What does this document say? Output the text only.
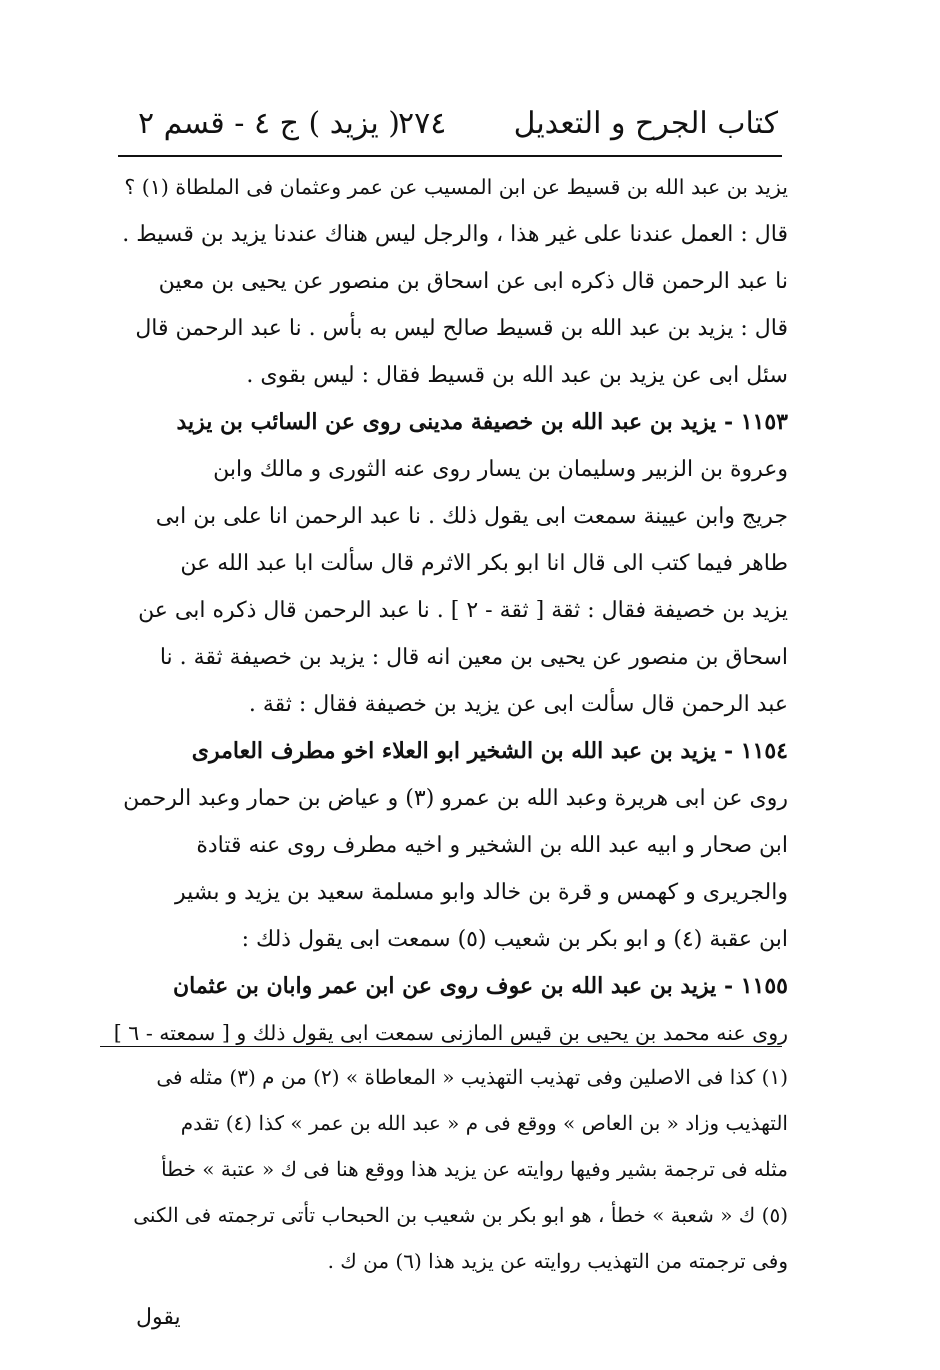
كتاب الجرح و التعديل
٢٧٤
( يزيد ) ج ٤ - قسم ٢
يزيد بن عبد الله بن قسيط عن ابن المسيب عن عمر وعثمان فى الملطاة (١) ؟
قال : العمل عندنا على غير هذا ، والرجل ليس هناك عندنا يزيد بن قسيط .
نا عبد الرحمن قال ذكره ابى عن اسحاق بن منصور عن يحيى بن معين
قال : يزيد بن عبد الله بن قسيط صالح ليس به بأس . نا عبد الرحمن قال
سئل ابى عن يزيد بن عبد الله بن قسيط فقال : ليس بقوى .
١١٥٣ - يزيد بن عبد الله بن خصيفة مدينى روى عن السائب بن يزيد
وعروة بن الزبير وسليمان بن يسار روى عنه الثورى و مالك وابن
جريج وابن عيينة سمعت ابى يقول ذلك . نا عبد الرحمن انا على بن ابى
طاهر فيما كتب الى قال انا ابو بكر الاثرم قال سألت ابا عبد الله عن
يزيد بن خصيفة فقال : ثقة [ ثقة - ٢ ] . نا عبد الرحمن قال ذكره ابى عن
اسحاق بن منصور عن يحيى بن معين انه قال : يزيد بن خصيفة ثقة . نا
عبد الرحمن قال سألت ابى عن يزيد بن خصيفة فقال : ثقة .
١١٥٤ - يزيد بن عبد الله بن الشخير ابو العلاء اخو مطرف العامرى
روى عن ابى هريرة وعبد الله بن عمرو (٣) و عياض بن حمار وعبد الرحمن
ابن صحار و ابيه عبد الله بن الشخير و اخيه مطرف روى عنه قتادة
والجريرى و كهمس و قرة بن خالد وابو مسلمة سعيد بن يزيد و بشير
ابن عقبة (٤) و ابو بكر بن شعيب (٥) سمعت ابى يقول ذلك :
١١٥٥ - يزيد بن عبد الله بن عوف روى عن ابن عمر وابان بن عثمان
روى عنه محمد بن يحيى بن قيس المازنى سمعت ابى يقول ذلك و [ سمعته - ٦ ]
(١) كذا فى الاصلين وفى تهذيب التهذيب « المعاطاة » (٢) من م (٣) مثله فى
التهذيب وزاد « بن العاص » ووقع فى م « عبد الله بن عمر » كذا (٤) تقدم
مثله فى ترجمة بشير وفيها روايته عن يزيد هذا ووقع هنا فى ك « عتبة » خطأ
(٥) ك « شعبة » خطأ ، هو ابو بكر بن شعيب بن الحبحاب تأتى ترجمته فى الكنى
وفى ترجمته من التهذيب روايته عن يزيد هذا (٦) من ك .
يقول
